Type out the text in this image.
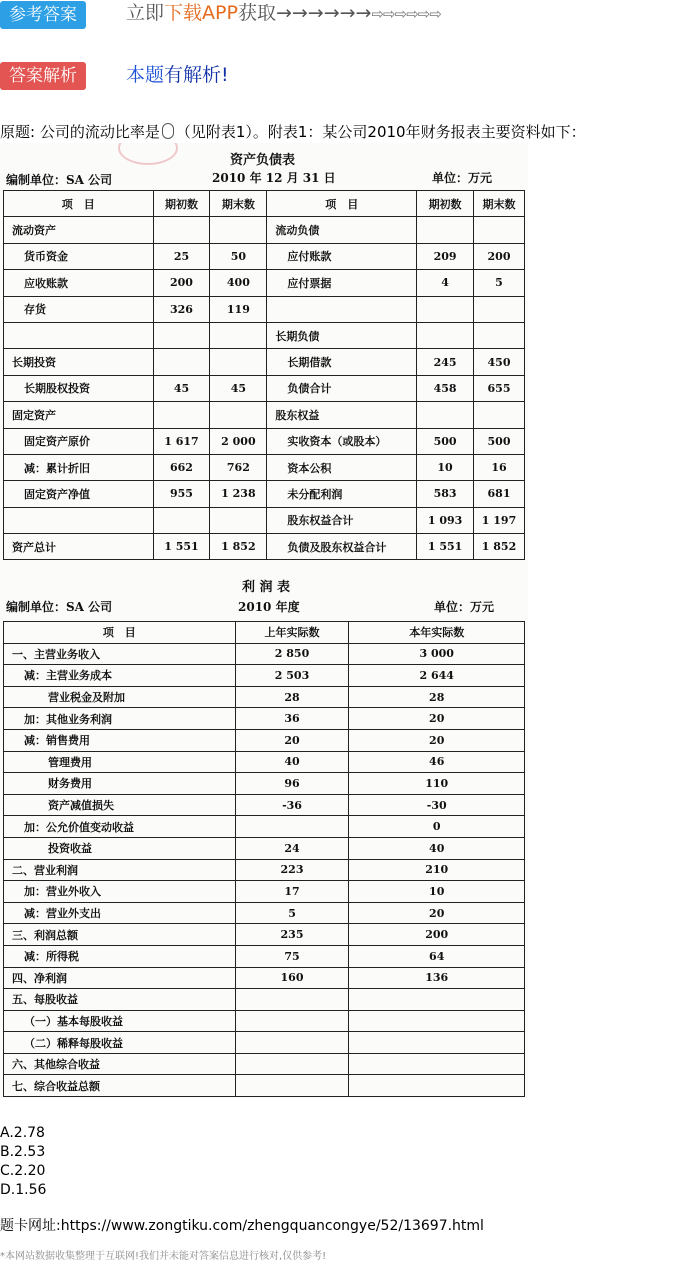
参考答案	立即下载APP获取→→→→→→⇨⇨⇨⇨⇨⇨
答案解析	本题有解析!
原题: 公司的流动比率是 （见附表1）。附表1：某公司2010年财务报表主要资料如下：
资产负债表
编制单位：SA 公司	2010 年 12 月 31 日	单位：万元
项　目	期初数	期末数	项　目	期初数	期末数
流动资产			流动负债		
货币资金	25	50	应付账款	209	200
应收账款	200	400	应付票据	4	5
存货	326	119			
			长期负债		
长期投资			长期借款	245	450
长期股权投资	45	45	负债合计	458	655
固定资产			股东权益		
固定资产原价	1 617	2 000	实收资本（或股本）	500	500
减：累计折旧	662	762	资本公积	10	16
固定资产净值	955	1 238	未分配利润	583	681
			股东权益合计	1 093	1 197
资产总计	1 551	1 852	负债及股东权益合计	1 551	1 852
利 润 表
编制单位：SA 公司	2010 年度	单位：万元
项　目	上年实际数	本年实际数
一、主营业务收入	2 850	3 000
减：主营业务成本	2 503	2 644
营业税金及附加	28	28
加：其他业务利润	36	20
减：销售费用	20	20
管理费用	40	46
财务费用	96	110
资产减值损失	-36	-30
加：公允价值变动收益		0
投资收益	24	40
二、营业利润	223	210
加：营业外收入	17	10
减：营业外支出	5	20
三、利润总额	235	200
减：所得税	75	64
四、净利润	160	136
五、每股收益		
（一）基本每股收益		
（二）稀释每股收益		
六、其他综合收益		
七、综合收益总额		
A.2.78
B.2.53
C.2.20
D.1.56
题卡网址:https://www.zongtiku.com/zhengquancongye/52/13697.html
*本网站数据收集整理于互联网!我们并未能对答案信息进行核对,仅供参考!
